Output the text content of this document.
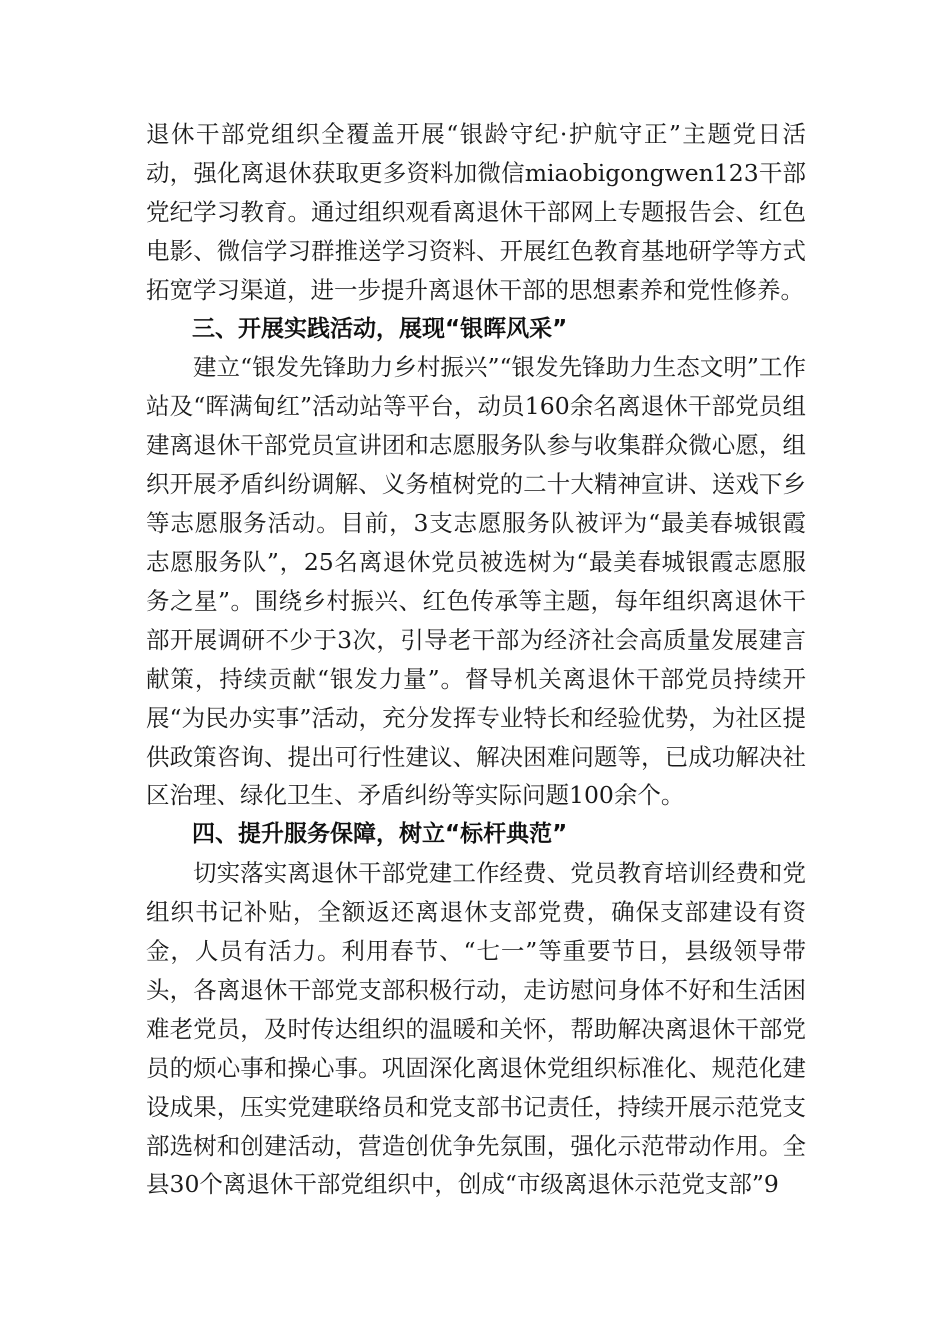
退休干部党组织全覆盖开展“银龄守纪·护航守正”主题党日活动，强化离退休获取更多资料加微信miaobigongwen123干部党纪学习教育。通过组织观看离退休干部网上专题报告会、红色电影、微信学习群推送学习资料、开展红色教育基地研学等方式拓宽学习渠道，进一步提升离退休干部的思想素养和党性修养。

三、开展实践活动，展现“银晖风采”

建立“银发先锋助力乡村振兴”“银发先锋助力生态文明”工作站及“晖满甸红”活动站等平台，动员160余名离退休干部党员组建离退休干部党员宣讲团和志愿服务队参与收集群众微心愿，组织开展矛盾纠纷调解、义务植树党的二十大精神宣讲、送戏下乡等志愿服务活动。目前，3支志愿服务队被评为“最美春城银霞志愿服务队”，25名离退休党员被选树为“最美春城银霞志愿服务之星”。围绕乡村振兴、红色传承等主题，每年组织离退休干部开展调研不少于3次，引导老干部为经济社会高质量发展建言献策，持续贡献“银发力量”。督导机关离退休干部党员持续开展“为民办实事”活动，充分发挥专业特长和经验优势，为社区提供政策咨询、提出可行性建议、解决困难问题等，已成功解决社区治理、绿化卫生、矛盾纠纷等实际问题100余个。

四、提升服务保障，树立“标杆典范”

切实落实离退休干部党建工作经费、党员教育培训经费和党组织书记补贴，全额返还离退休支部党费，确保支部建设有资金，人员有活力。利用春节、“七一”等重要节日，县级领导带头，各离退休干部党支部积极行动，走访慰问身体不好和生活困难老党员，及时传达组织的温暖和关怀，帮助解决离退休干部党员的烦心事和操心事。巩固深化离退休党组织标准化、规范化建设成果，压实党建联络员和党支部书记责任，持续开展示范党支部选树和创建活动，营造创优争先氛围，强化示范带动作用。全县30个离退休干部党组织中，创成“市级离退休示范党支部”9
